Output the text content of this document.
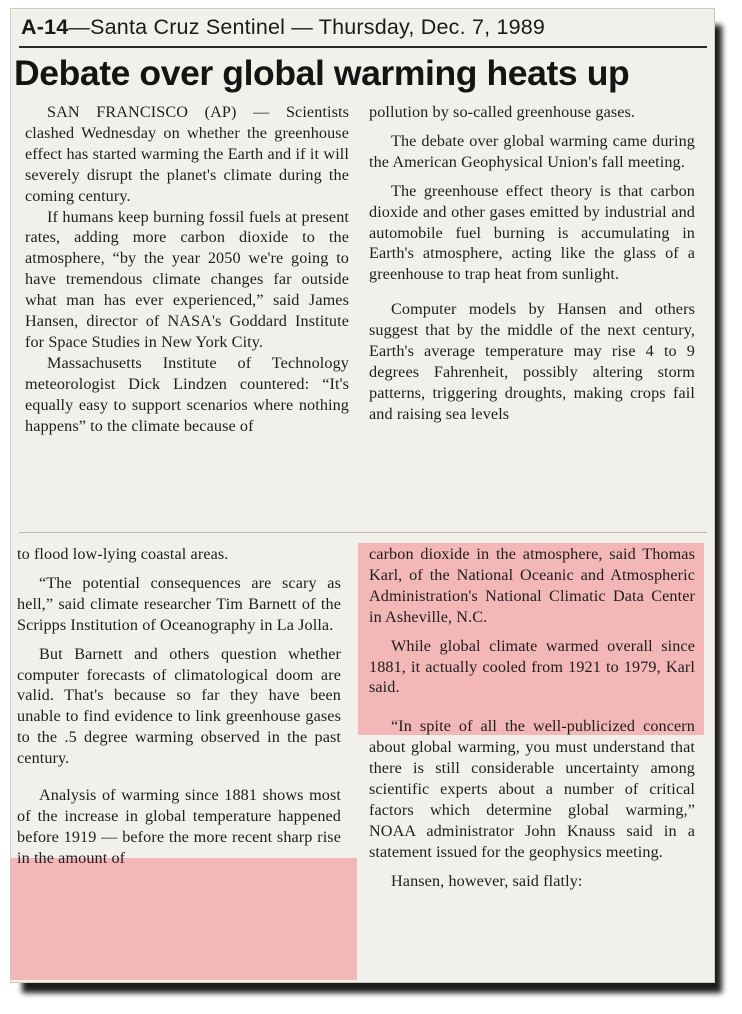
A-14—Santa Cruz Sentinel — Thursday, Dec. 7, 1989
Debate over global warming heats up

SAN FRANCISCO (AP) — Scientists clashed Wednesday on whether the greenhouse effect has started warming the Earth and if it will severely disrupt the planet's climate during the coming century.

If humans keep burning fossil fuels at present rates, adding more carbon dioxide to the atmosphere, “by the year 2050 we're going to have tremendous climate changes far outside what man has ever experienced,” said James Hansen, director of NASA's Goddard Institute for Space Studies in New York City.

Massachusetts Institute of Technology meteorologist Dick Lindzen countered: “It's equally easy to support scenarios where nothing happens” to the climate because of

pollution by so-called greenhouse gases.

The debate over global warming came during the American Geophysical Union's fall meeting.

The greenhouse effect theory is that carbon dioxide and other gases emitted by industrial and automobile fuel burning is accumulating in Earth's atmosphere, acting like the glass of a greenhouse to trap heat from sunlight.

Computer models by Hansen and others suggest that by the middle of the next century, Earth's average temperature may rise 4 to 9 degrees Fahrenheit, possibly altering storm patterns, triggering droughts, making crops fail and raising sea levels

to flood low-lying coastal areas.

“The potential consequences are scary as hell,” said climate researcher Tim Barnett of the Scripps Institution of Oceanography in La Jolla.

But Barnett and others question whether computer forecasts of climatological doom are valid. That's because so far they have been unable to find evidence to link greenhouse gases to the .5 degree warming observed in the past century.

Analysis of warming since 1881 shows most of the increase in global temperature happened before 1919 — before the more recent sharp rise in the amount of

carbon dioxide in the atmosphere, said Thomas Karl, of the National Oceanic and Atmospheric Administration's National Climatic Data Center in Asheville, N.C.

While global climate warmed overall since 1881, it actually cooled from 1921 to 1979, Karl said.

“In spite of all the well-publicized concern about global warming, you must understand that there is still considerable uncertainty among scientific experts about a number of critical factors which determine global warming,” NOAA administrator John Knauss said in a statement issued for the geophysics meeting.

Hansen, however, said flatly:
